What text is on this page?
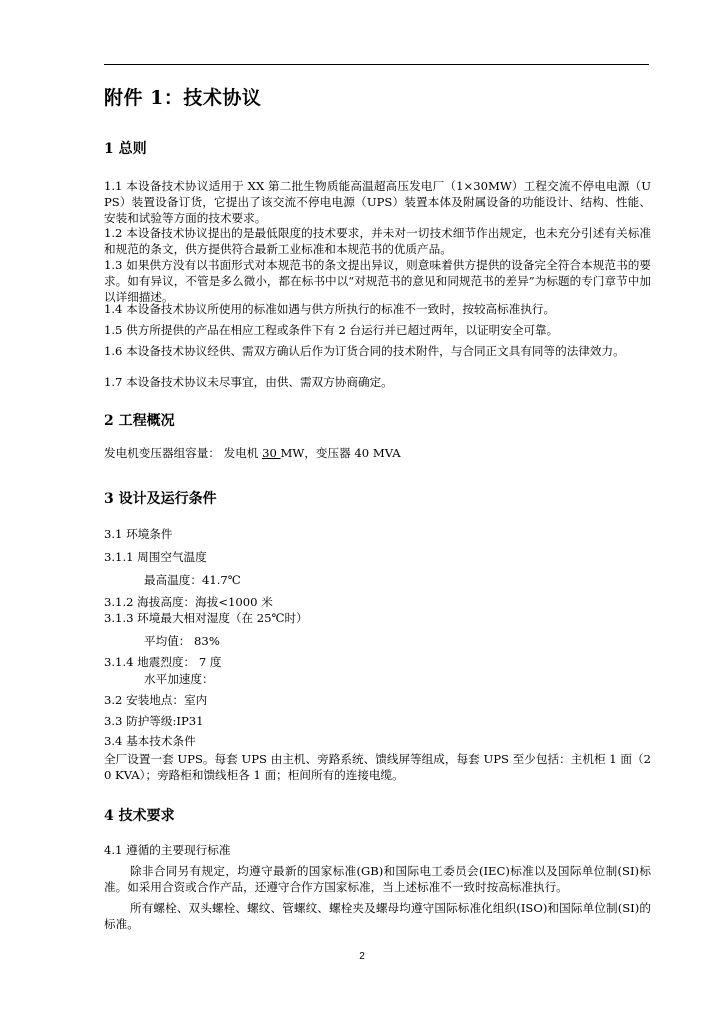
附件 1：技术协议
1 总则
1.1 本设备技术协议适用于 XX 第二批生物质能高温超高压发电厂（1×30MW）工程交流不停电电源（UPS）装置设备订货，它提出了该交流不停电电源（UPS）装置本体及附属设备的功能设计、结构、性能、安装和试验等方面的技术要求。
1.2 本设备技术协议提出的是最低限度的技术要求，并未对一切技术细节作出规定，也未充分引述有关标准和规范的条文，供方提供符合最新工业标准和本规范书的优质产品。
1.3 如果供方没有以书面形式对本规范书的条文提出异议，则意味着供方提供的设备完全符合本规范书的要求。如有异议，不管是多么微小，都在标书中以“对规范书的意见和同规范书的差异”为标题的专门章节中加以详细描述。
1.4 本设备技术协议所使用的标准如遇与供方所执行的标准不一致时，按较高标准执行。
1.5 供方所提供的产品在相应工程或条件下有 2 台运行并已超过两年，以证明安全可靠。
1.6 本设备技术协议经供、需双方确认后作为订货合同的技术附件，与合同正文具有同等的法律效力。
1.7 本设备技术协议未尽事宜，由供、需双方协商确定。
2 工程概况
发电机变压器组容量： 发电机 30 MW，变压器 40 MVA
3 设计及运行条件
3.1 环境条件
3.1.1 周围空气温度
最高温度：41.7℃
3.1.2 海拔高度：海拔<1000 米
3.1.3 环境最大相对湿度（在 25℃时）
平均值： 83%
3.1.4 地震烈度： 7 度
水平加速度：
3.2 安装地点：室内
3.3 防护等级:IP31
3.4 基本技术条件
全厂设置一套 UPS。每套 UPS 由主机、旁路系统、馈线屏等组成，每套 UPS 至少包括：主机柜 1 面（20 KVA）；旁路柜和馈线柜各 1 面；柜间所有的连接电缆。
4 技术要求
4.1 遵循的主要现行标准
除非合同另有规定，均遵守最新的国家标准(GB)和国际电工委员会(IEC)标准以及国际单位制(SI)标准。如采用合资或合作产品，还遵守合作方国家标准，当上述标准不一致时按高标准执行。
所有螺栓、双头螺栓、螺纹、管螺纹、螺栓夹及螺母均遵守国际标准化组织(ISO)和国际单位制(SI)的标准。
2
